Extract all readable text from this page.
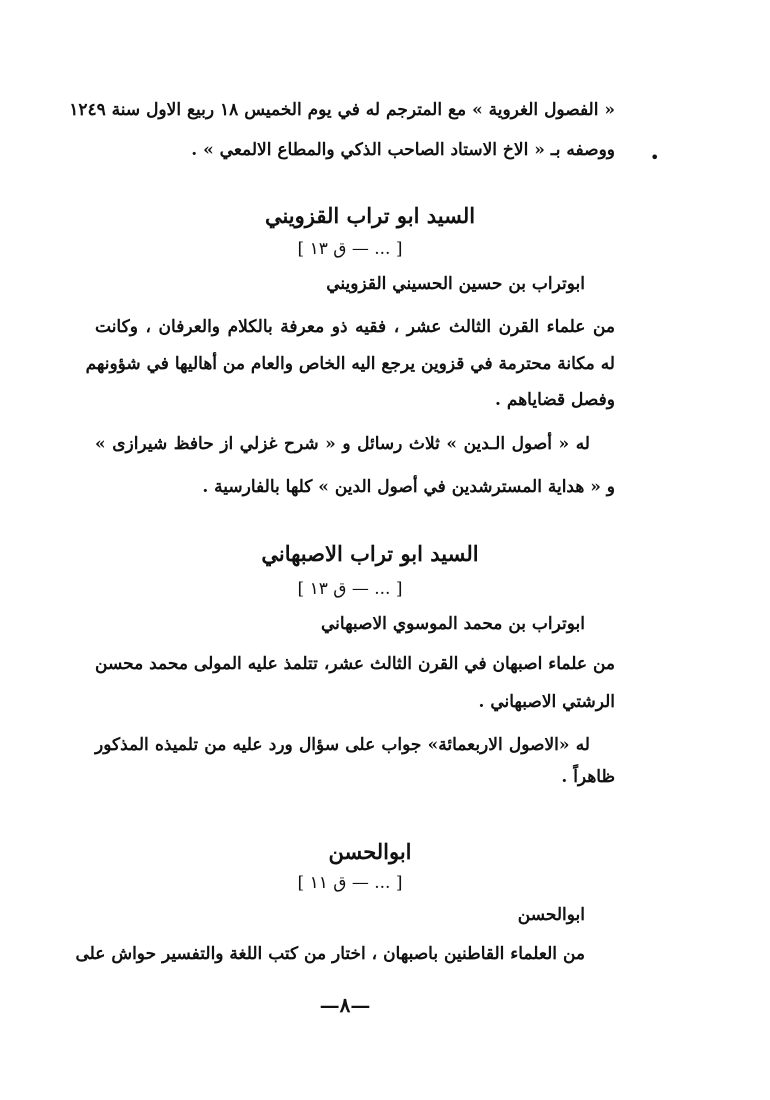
« الفصول الغروية » مع المترجم له في يوم الخميس ١٨ ربيع الاول سنة ١٢٤٩
ووصفه بـ « الاخ الاستاد الصاحب الذكي والمطاع الالمعي » . •
السيد ابو تراب القزويني
[ ... — ق ١٣ ]
ابوتراب بن حسين الحسيني القزويني
من علماء القرن الثالث عشر ، فقيه ذو معرفة بالكلام والعرفان ، وكانت
له مكانة محترمة في قزوين يرجع اليه الخاص والعام من أهاليها في شؤونهم
وفصل قضاياهم .
له « أصول الـدين » ثلاث رسائل و « شرح غزلي از حافظ شيرازى »
و « هداية المسترشدين في أصول الدين » كلها بالفارسية .
السيد ابو تراب الاصبهاني
[ ... — ق ١٣ ]
ابوتراب بن محمد الموسوي الاصبهاني
من علماء اصبهان في القرن الثالث عشر، تتلمذ عليه المولى محمد محسن
الرشتي الاصبهاني .
له «الاصول الاربعمائة» جواب على سؤال ورد عليه من تلميذه المذكور
ظاهراً .
ابوالحسن
[ ... — ق ١١ ]
ابوالحسن
من العلماء القاطنين باصبهان ، اختار من كتب اللغة والتفسير حواش على
—٨—
